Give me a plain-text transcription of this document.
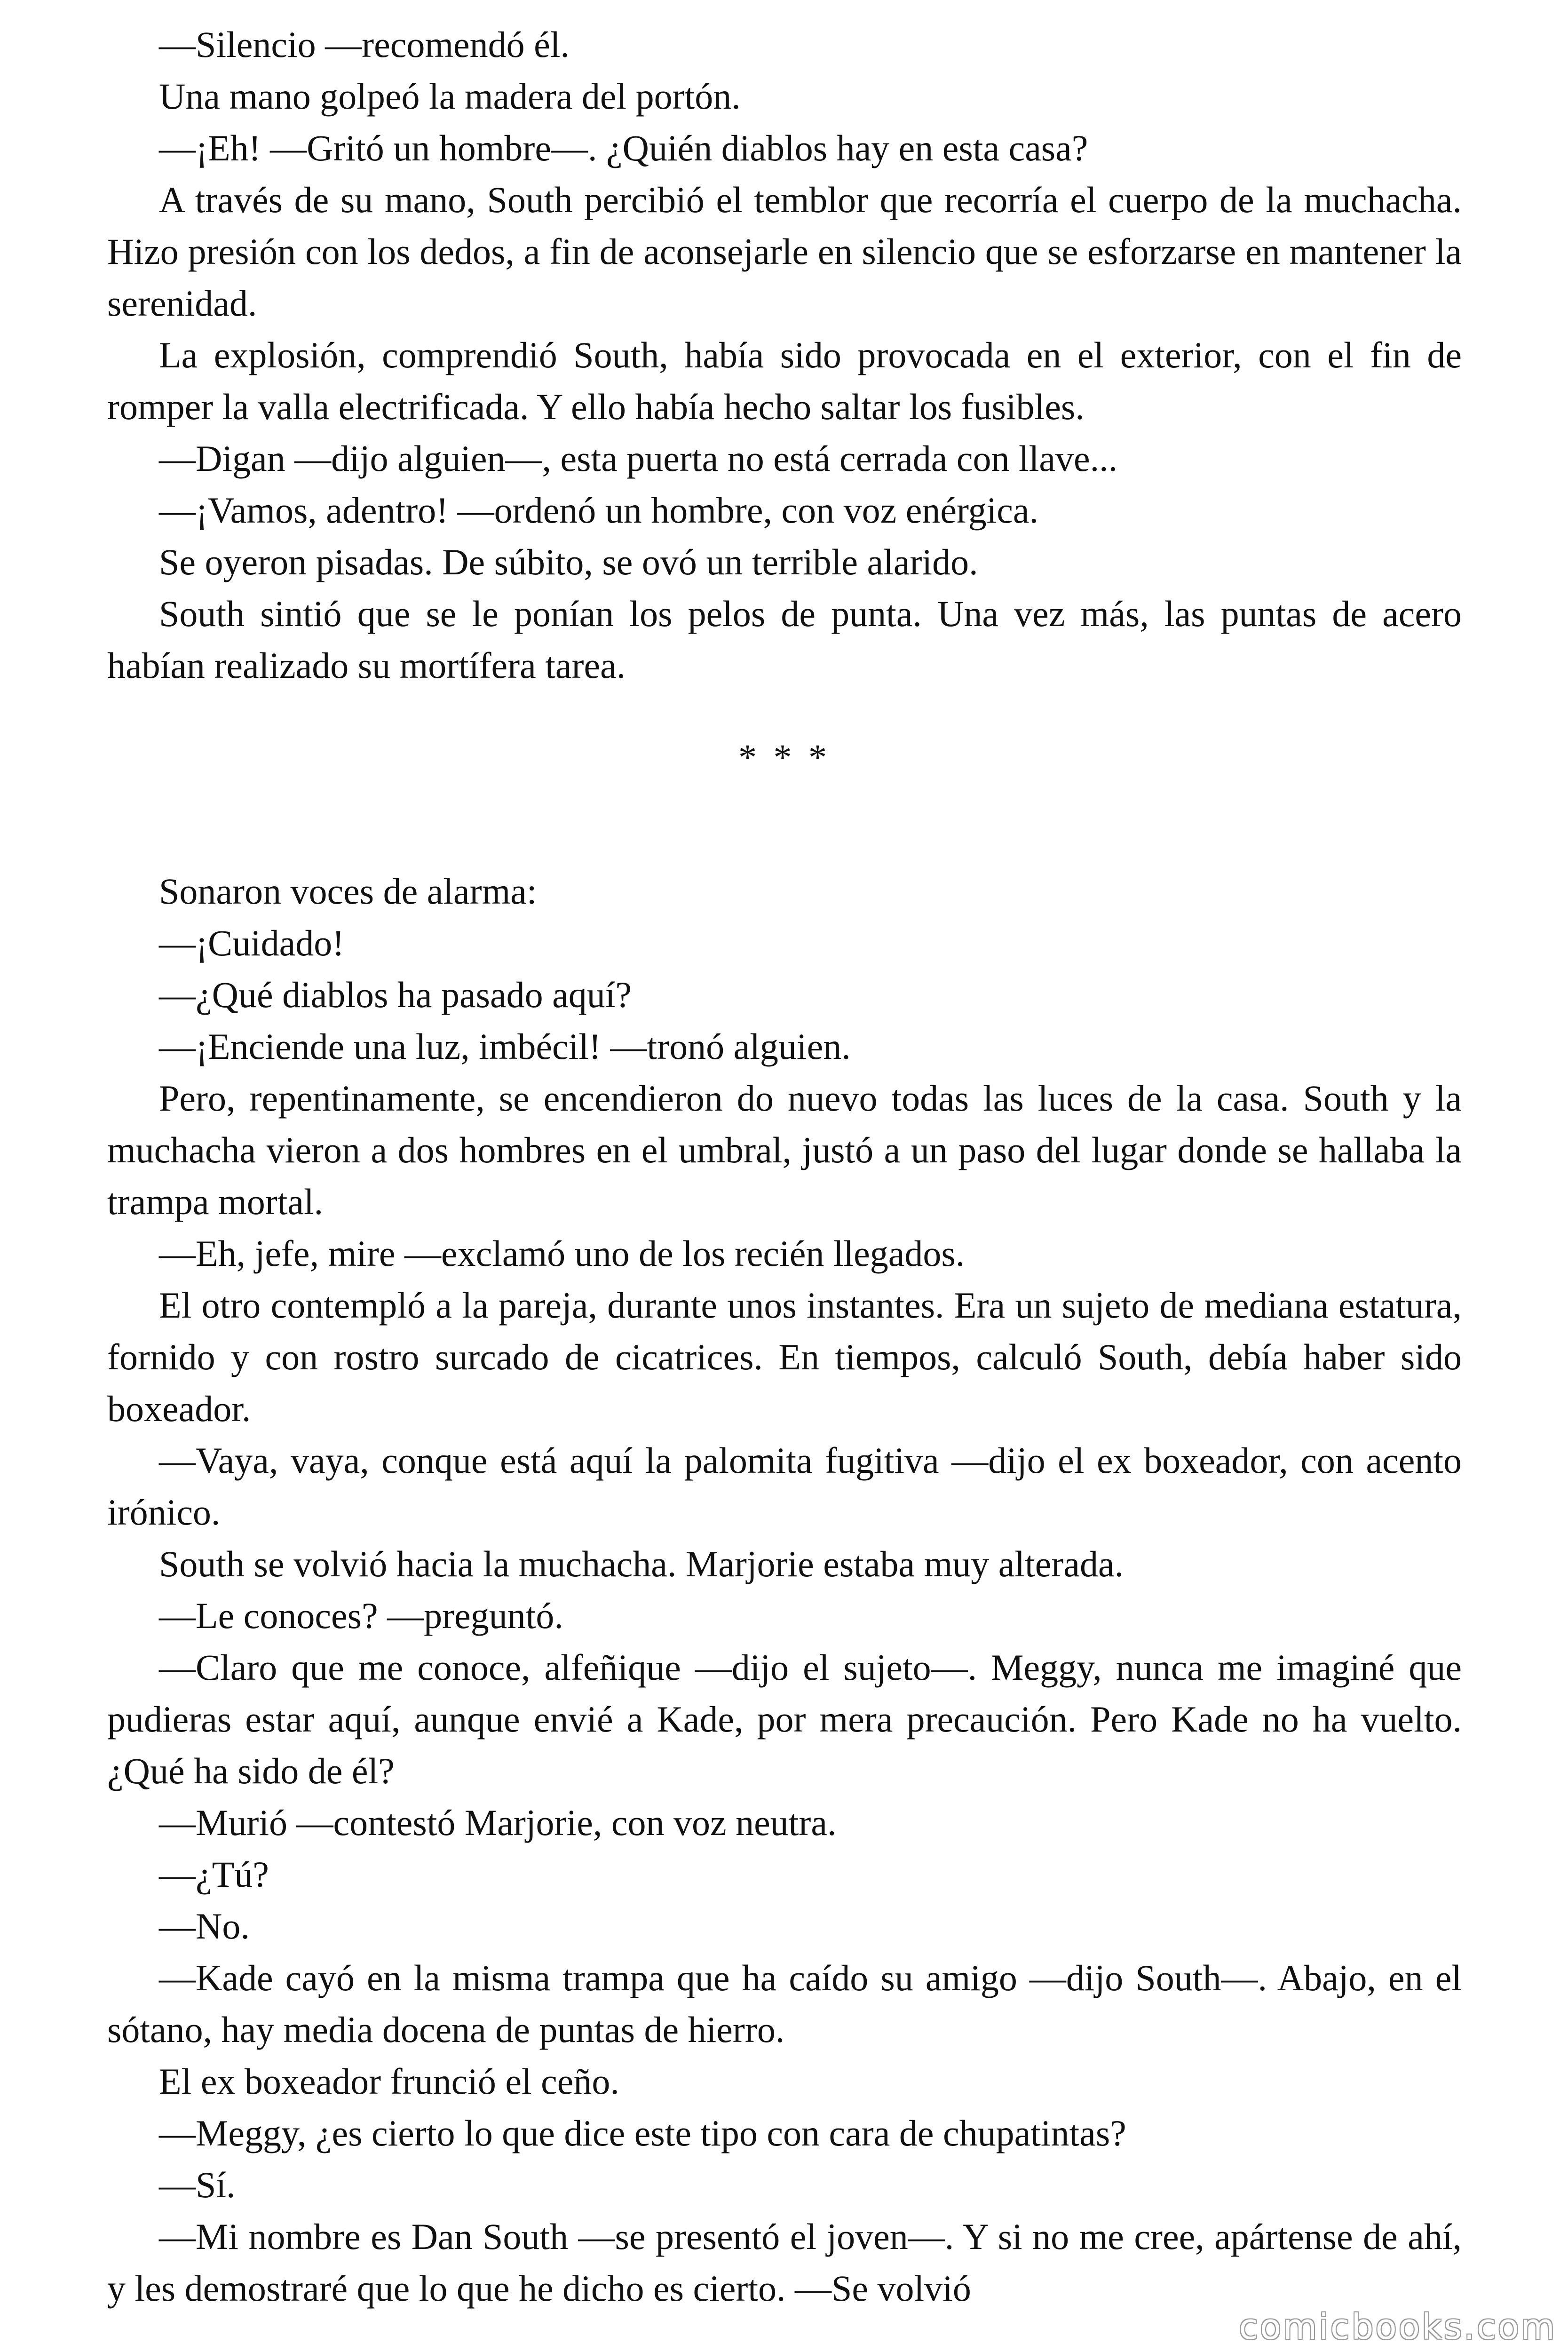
—Silencio —recomendó él.

Una mano golpeó la madera del portón.

—¡Eh! —Gritó un hombre—. ¿Quién diablos hay en esta casa?

A través de su mano, South percibió el temblor que recorría el cuerpo de la muchacha. Hizo presión con los dedos, a fin de aconsejarle en silencio que se esforzarse en mantener la serenidad.

La explosión, comprendió South, había sido provocada en el exterior, con el fin de romper la valla electrificada. Y ello había hecho saltar los fusibles.

—Digan —dijo alguien—, esta puerta no está cerrada con llave...

—¡Vamos, adentro! —ordenó un hombre, con voz enérgica.

Se oyeron pisadas. De súbito, se ovó un terrible alarido.

South sintió que se le ponían los pelos de punta. Una vez más, las puntas de acero habían realizado su mortífera tarea.

* * *

Sonaron voces de alarma:

—¡Cuidado!

—¿Qué diablos ha pasado aquí?

—¡Enciende una luz, imbécil! —tronó alguien.

Pero, repentinamente, se encendieron do nuevo todas las luces de la casa. South y la muchacha vieron a dos hombres en el umbral, justó a un paso del lugar donde se hallaba la trampa mortal.

—Eh, jefe, mire —exclamó uno de los recién llegados.

El otro contempló a la pareja, durante unos instantes. Era un sujeto de mediana estatura, fornido y con rostro surcado de cicatrices. En tiempos, calculó South, debía haber sido boxeador.

—Vaya, vaya, conque está aquí la palomita fugitiva —dijo el ex boxeador, con acento irónico.

South se volvió hacia la muchacha. Marjorie estaba muy alterada.

—Le conoces? —preguntó.

—Claro que me conoce, alfeñique —dijo el sujeto—. Meggy, nunca me imaginé que pudieras estar aquí, aunque envié a Kade, por mera precaución. Pero Kade no ha vuelto. ¿Qué ha sido de él?

—Murió —contestó Marjorie, con voz neutra.

—¿Tú?

—No.

—Kade cayó en la misma trampa que ha caído su amigo —dijo South—. Abajo, en el sótano, hay media docena de puntas de hierro.

El ex boxeador frunció el ceño.

—Meggy, ¿es cierto lo que dice este tipo con cara de chupatintas?

—Sí.

—Mi nombre es Dan South —se presentó el joven—. Y si no me cree, apártense de ahí, y les demostraré que lo que he dicho es cierto. —Se volvió

comicbooks.com
